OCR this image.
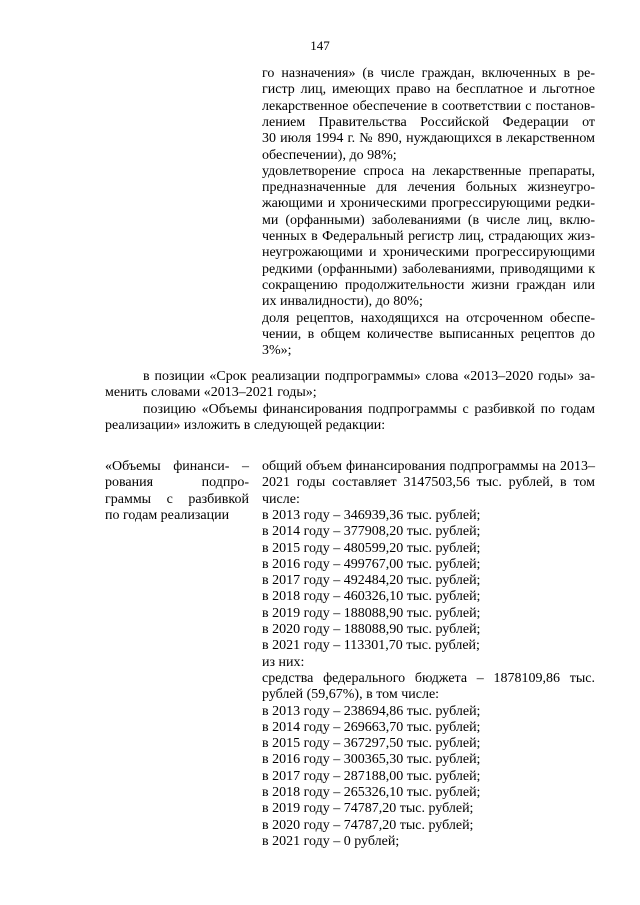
147
го назначения» (в числе граждан, включенных в ре-
гистр лиц, имеющих право на бесплатное и льготное
лекарственное обеспечение в соответствии с постанов-
лением Правительства Российской Федерации от
30 июля 1994 г. № 890, нуждающихся в лекарственном
обеспечении), до 98%;
удовлетворение спроса на лекарственные препараты,
предназначенные для лечения больных жизнеугро-
жающими и хроническими прогрессирующими редки-
ми (орфанными) заболеваниями (в числе лиц, вклю-
ченных в Федеральный регистр лиц, страдающих жиз-
неугрожающими и хроническими прогрессирующими
редкими (орфанными) заболеваниями, приводящими к
сокращению продолжительности жизни граждан или
их инвалидности), до 80%;
доля рецептов, находящихся на отсроченном обеспе-
чении, в общем количестве выписанных рецептов до
3%»;
в позиции «Срок реализации подпрограммы» слова «2013–2020 годы» за-
менить словами «2013–2021 годы»;
позицию «Объемы финансирования подпрограммы с разбивкой по годам
реализации» изложить в следующей редакции:
«Объемы финанси- –
рования подпро-
граммы с разбивкой
по годам реализации
общий объем финансирования подпрограммы на 2013–
2021 годы составляет 3147503,56 тыс. рублей, в том
числе:
в 2013 году – 346939,36 тыс. рублей;
в 2014 году – 377908,20 тыс. рублей;
в 2015 году – 480599,20 тыс. рублей;
в 2016 году – 499767,00 тыс. рублей;
в 2017 году – 492484,20 тыс. рублей;
в 2018 году – 460326,10 тыс. рублей;
в 2019 году – 188088,90 тыс. рублей;
в 2020 году – 188088,90 тыс. рублей;
в 2021 году – 113301,70 тыс. рублей;
из них:
средства федерального бюджета – 1878109,86 тыс.
рублей (59,67%), в том числе:
в 2013 году – 238694,86 тыс. рублей;
в 2014 году – 269663,70 тыс. рублей;
в 2015 году – 367297,50 тыс. рублей;
в 2016 году – 300365,30 тыс. рублей;
в 2017 году – 287188,00 тыс. рублей;
в 2018 году – 265326,10 тыс. рублей;
в 2019 году – 74787,20 тыс. рублей;
в 2020 году – 74787,20 тыс. рублей;
в 2021 году – 0 рублей;
